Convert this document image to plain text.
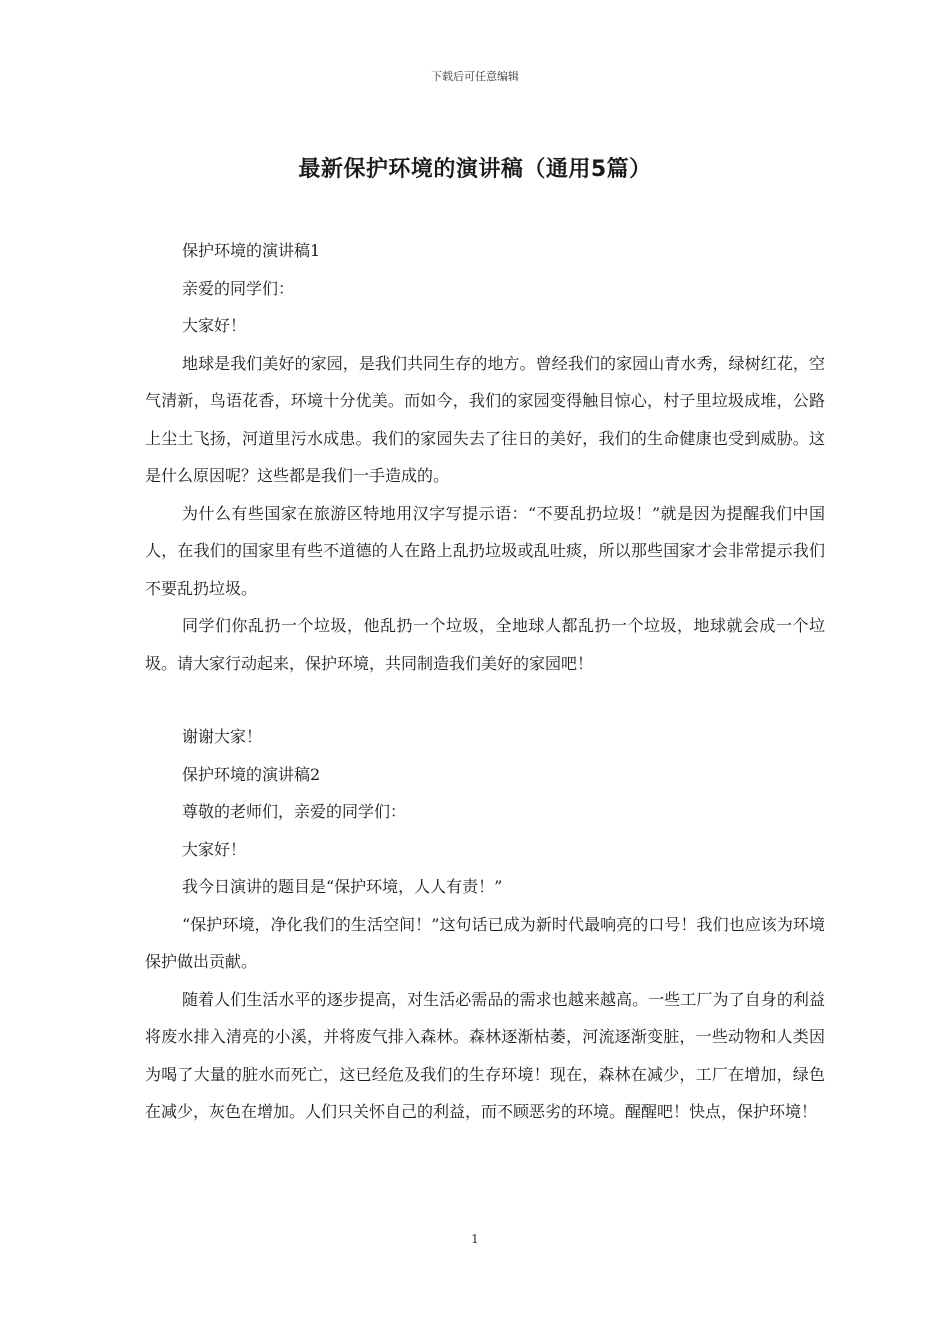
下载后可任意编辑
最新保护环境的演讲稿（通用5篇）

保护环境的演讲稿1

亲爱的同学们：

大家好！

地球是我们美好的家园，是我们共同生存的地方。曾经我们的家园山青水秀，绿树红花，空气清新，鸟语花香，环境十分优美。而如今，我们的家园变得触目惊心，村子里垃圾成堆，公路上尘土飞扬，河道里污水成患。我们的家园失去了往日的美好，我们的生命健康也受到威胁。这是什么原因呢？这些都是我们一手造成的。

为什么有些国家在旅游区特地用汉字写提示语：“不要乱扔垃圾！”就是因为提醒我们中国人，在我们的国家里有些不道德的人在路上乱扔垃圾或乱吐痰，所以那些国家才会非常提示我们不要乱扔垃圾。

同学们你乱扔一个垃圾，他乱扔一个垃圾，全地球人都乱扔一个垃圾，地球就会成一个垃圾。请大家行动起来，保护环境，共同制造我们美好的家园吧！

谢谢大家！

保护环境的演讲稿2

尊敬的老师们，亲爱的同学们：

大家好！

我今日演讲的题目是“保护环境，人人有责！”

“保护环境，净化我们的生活空间！”这句话已成为新时代最响亮的口号！我们也应该为环境保护做出贡献。

随着人们生活水平的逐步提高，对生活必需品的需求也越来越高。一些工厂为了自身的利益将废水排入清亮的小溪，并将废气排入森林。森林逐渐枯萎，河流逐渐变脏，一些动物和人类因为喝了大量的脏水而死亡，这已经危及我们的生存环境！现在，森林在减少，工厂在增加，绿色在减少，灰色在增加。人们只关怀自己的利益，而不顾恶劣的环境。醒醒吧！快点，保护环境！

1
